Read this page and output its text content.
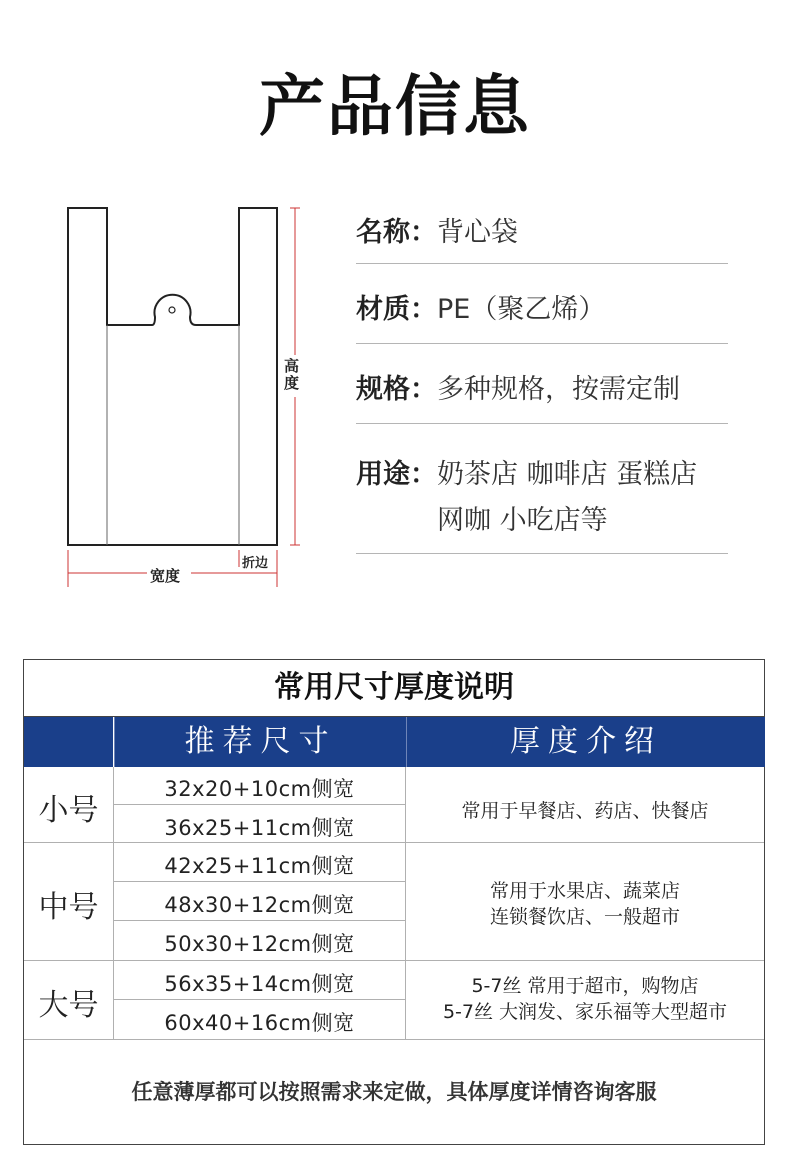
产品信息
高度
宽度
折边
名称： 背心袋
材质： PE（聚乙烯）
规格： 多种规格，按需定制
用途： 奶茶店 咖啡店 蛋糕店
网咖 小吃店等
常用尺寸厚度说明
推荐尺寸	厚度介绍
小号
32x20+10cm侧宽
36x25+11cm侧宽
常用于早餐店、药店、快餐店
中号
42x25+11cm侧宽
48x30+12cm侧宽
50x30+12cm侧宽
常用于水果店、蔬菜店
连锁餐饮店、一般超市
大号
56x35+14cm侧宽
60x40+16cm侧宽
5-7丝 常用于超市，购物店
5-7丝 大润发、家乐福等大型超市
任意薄厚都可以按照需求来定做，具体厚度详情咨询客服
